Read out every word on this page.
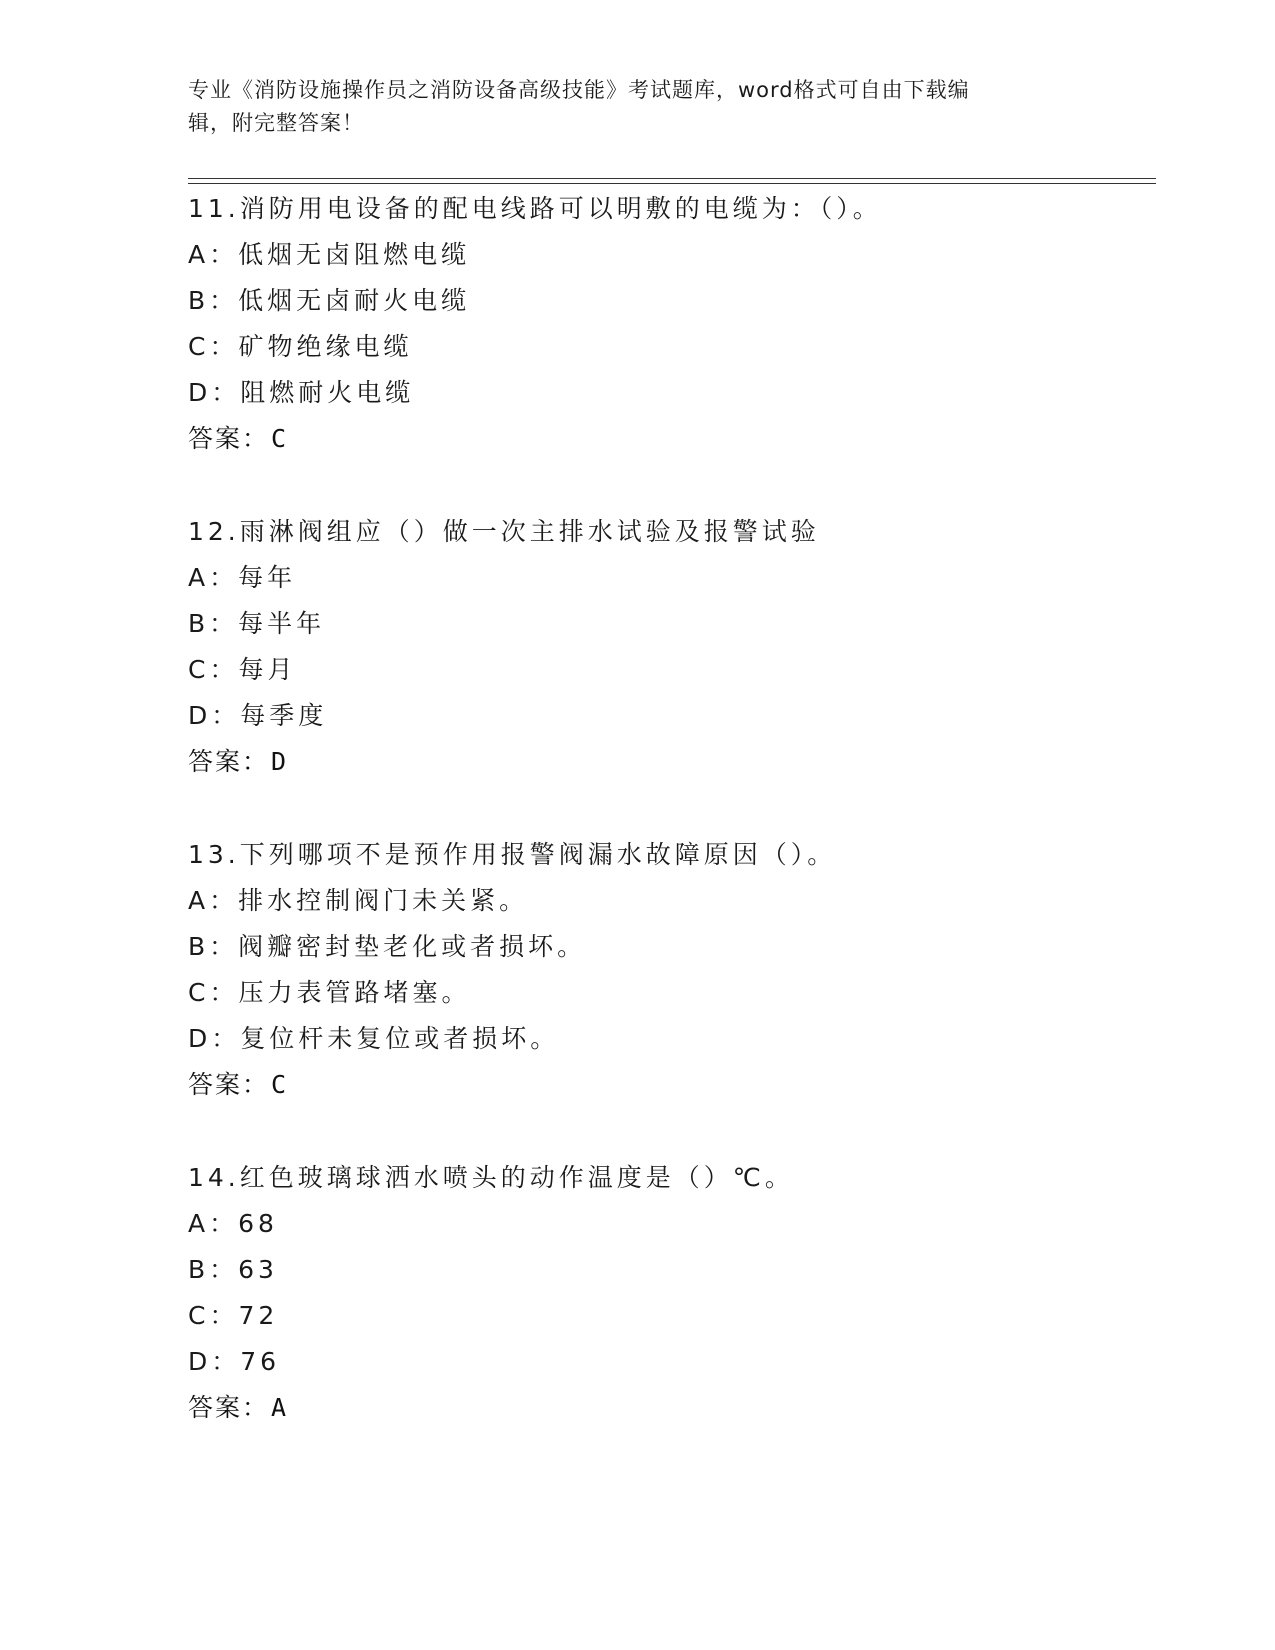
专业《消防设施操作员之消防设备高级技能》考试题库，word格式可自由下载编
辑，附完整答案！
11.消防用电设备的配电线路可以明敷的电缆为：（）。
A：低烟无卤阻燃电缆
B：低烟无卤耐火电缆
C：矿物绝缘电缆
D：阻燃耐火电缆
答案：C
12.雨淋阀组应（）做一次主排水试验及报警试验
A：每年
B：每半年
C：每月
D：每季度
答案：D
13.下列哪项不是预作用报警阀漏水故障原因（）。
A：排水控制阀门未关紧。
B：阀瓣密封垫老化或者损坏。
C：压力表管路堵塞。
D：复位杆未复位或者损坏。
答案：C
14.红色玻璃球洒水喷头的动作温度是（）℃。
A：68
B：63
C：72
D：76
答案：A
